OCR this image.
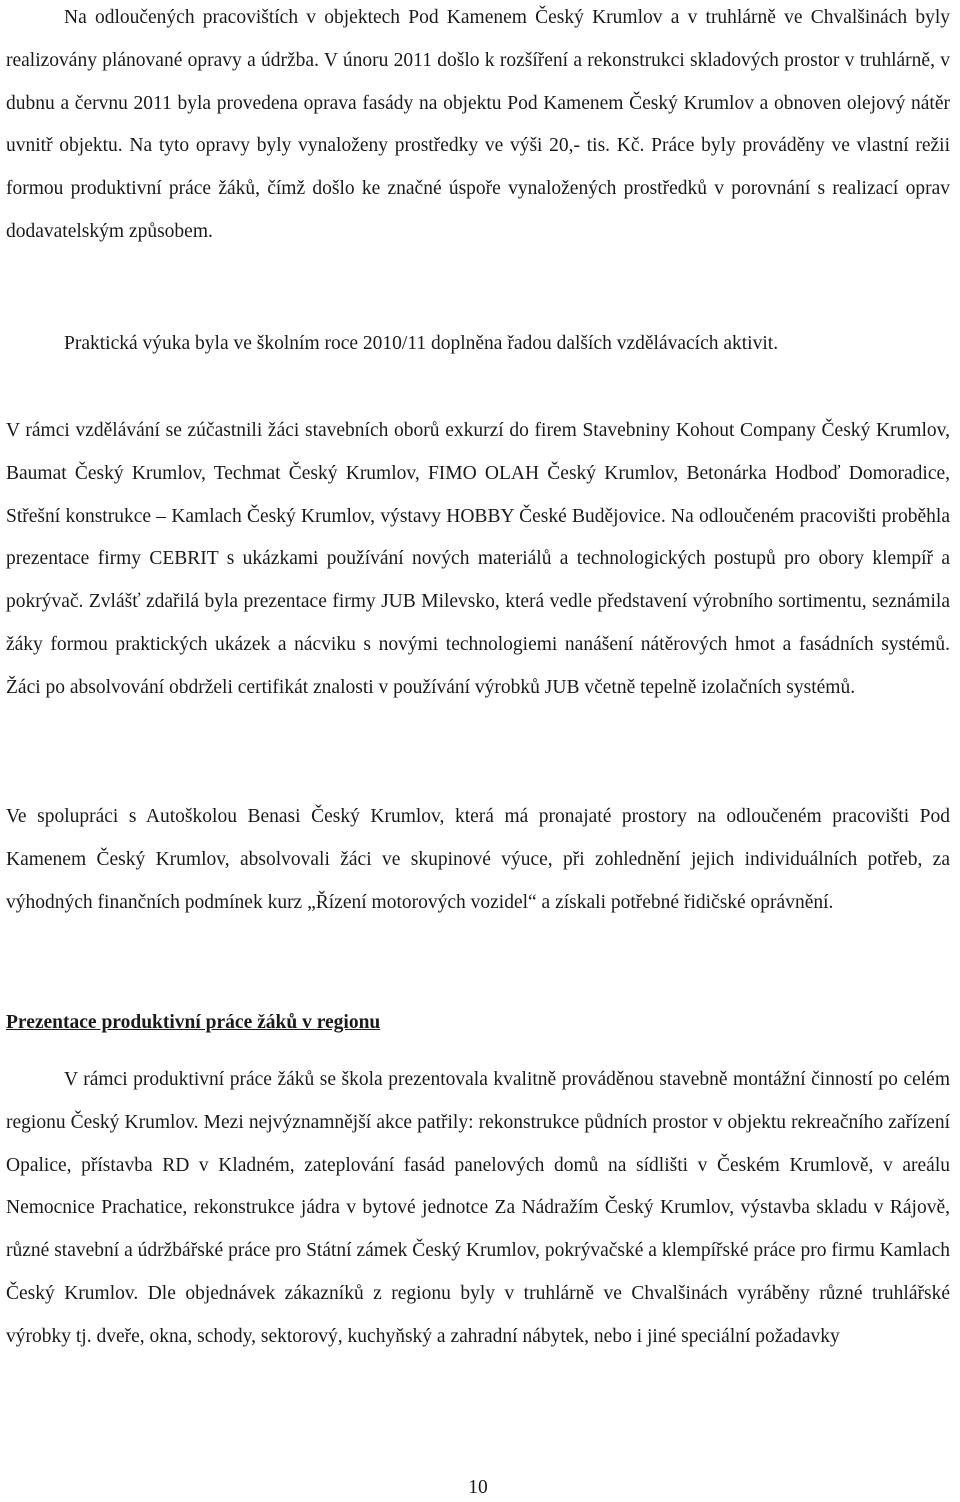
Na odloučených pracovištích v objektech Pod Kamenem Český Krumlov a v truhlárně ve Chvalšinách byly realizovány plánované opravy a údržba. V únoru 2011 došlo k rozšíření a rekonstrukci skladových prostor v truhlárně, v dubnu a červnu 2011 byla provedena oprava fasády na objektu Pod Kamenem Český Krumlov a obnoven olejový nátěr uvnitř objektu. Na tyto opravy byly vynaloženy prostředky ve výši 20,- tis. Kč. Práce byly prováděny ve vlastní režii formou produktivní práce žáků, čímž došlo ke značné úspoře vynaložených prostředků v porovnání s realizací oprav dodavatelským způsobem.

Praktická výuka byla ve školním roce 2010/11 doplněna řadou dalších vzdělávacích aktivit.

V rámci vzdělávání se zúčastnili žáci stavebních oborů exkurzí do firem Stavebniny Kohout Company Český Krumlov, Baumat Český Krumlov, Techmat Český Krumlov, FIMO OLAH Český Krumlov, Betonárka Hodboď Domoradice, Střešní konstrukce – Kamlach Český Krumlov, výstavy HOBBY České Budějovice. Na odloučeném pracovišti proběhla prezentace firmy CEBRIT s ukázkami používání nových materiálů a technologických postupů pro obory klempíř a pokrývač. Zvlášť zdařilá byla prezentace firmy JUB Milevsko, která vedle představení výrobního sortimentu, seznámila žáky formou praktických ukázek a nácviku s novými technologiemi nanášení nátěrových hmot a fasádních systémů. Žáci po absolvování obdrželi certifikát znalosti v používání výrobků JUB včetně tepelně izolačních systémů.

Ve spolupráci s Autoškolou Benasi Český Krumlov, která má pronajaté prostory na odloučeném pracovišti Pod Kamenem Český Krumlov, absolvovali žáci ve skupinové výuce, při zohlednění jejich individuálních potřeb, za výhodných finančních podmínek kurz „Řízení motorových vozidel“ a získali potřebné řidičské oprávnění.

Prezentace produktivní práce žáků v regionu

V rámci produktivní práce žáků se škola prezentovala kvalitně prováděnou stavebně montážní činností po celém regionu Český Krumlov. Mezi nejvýznamnější akce patřily: rekonstrukce půdních prostor v objektu rekreačního zařízení Opalice, přístavba RD v Kladném, zateplování fasád panelových domů na sídlišti v Českém Krumlově, v areálu Nemocnice Prachatice, rekonstrukce jádra v bytové jednotce Za Nádražím Český Krumlov, výstavba skladu v Rájově, různé stavební a údržbářské práce pro Státní zámek Český Krumlov, pokrývačské a klempířské práce pro firmu Kamlach Český Krumlov. Dle objednávek zákazníků z regionu byly v truhlárně ve Chvalšinách vyráběny různé truhlářské výrobky tj. dveře, okna, schody, sektorový, kuchyňský a zahradní nábytek, nebo i jiné speciální požadavky

10
